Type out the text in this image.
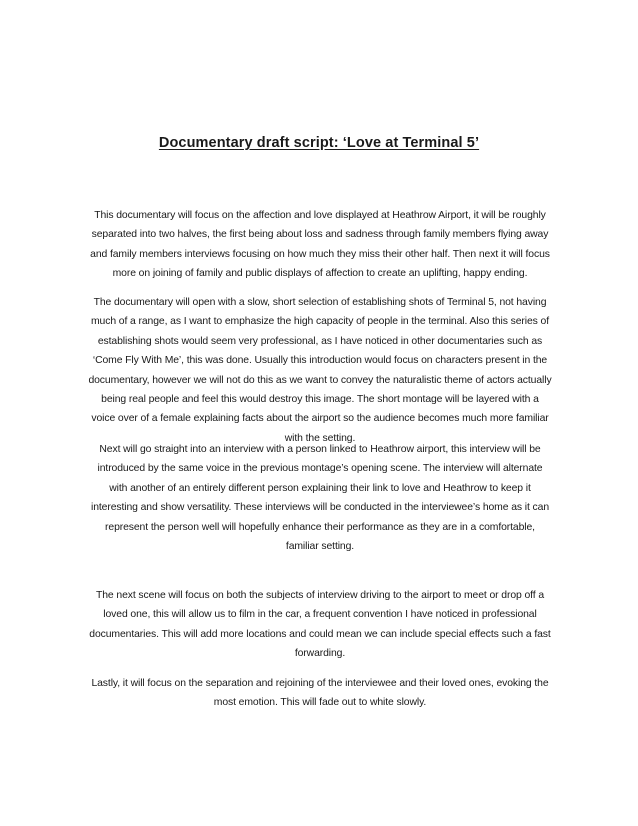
Documentary draft script: ‘Love at Terminal 5’

This documentary will focus on the affection and love displayed at Heathrow Airport, it will be roughly separated into two halves, the first being about loss and sadness through family members flying away and family members interviews focusing on how much they miss their other half. Then next it will focus more on joining of family and public displays of affection to create an uplifting, happy ending.

The documentary will open with a slow, short selection of establishing shots of Terminal 5, not having much of a range, as I want to emphasize the high capacity of people in the terminal. Also this series of establishing shots would seem very professional, as I have noticed in other documentaries such as ‘Come Fly With Me’, this was done. Usually this introduction would focus on characters present in the documentary, however we will not do this as we want to convey the naturalistic theme of actors actually being real people and feel this would destroy this image. The short montage will be layered with a voice over of a female explaining facts about the airport so the audience becomes much more familiar with the setting.

Next will go straight into an interview with a person linked to Heathrow airport, this interview will be introduced by the same voice in the previous montage’s opening scene. The interview will alternate with another of an entirely different person explaining their link to love and Heathrow to keep it interesting and show versatility. These interviews will be conducted in the interviewee’s home as it can represent the person well will hopefully enhance their performance as they are in a comfortable, familiar setting.

The next scene will focus on both the subjects of interview driving to the airport to meet or drop off a loved one, this will allow us to film in the car, a frequent convention I have noticed in professional documentaries. This will add more locations and could mean we can include special effects such a fast forwarding.

Lastly, it will focus on the separation and rejoining of the interviewee and their loved ones, evoking the most emotion. This will fade out to white slowly.
